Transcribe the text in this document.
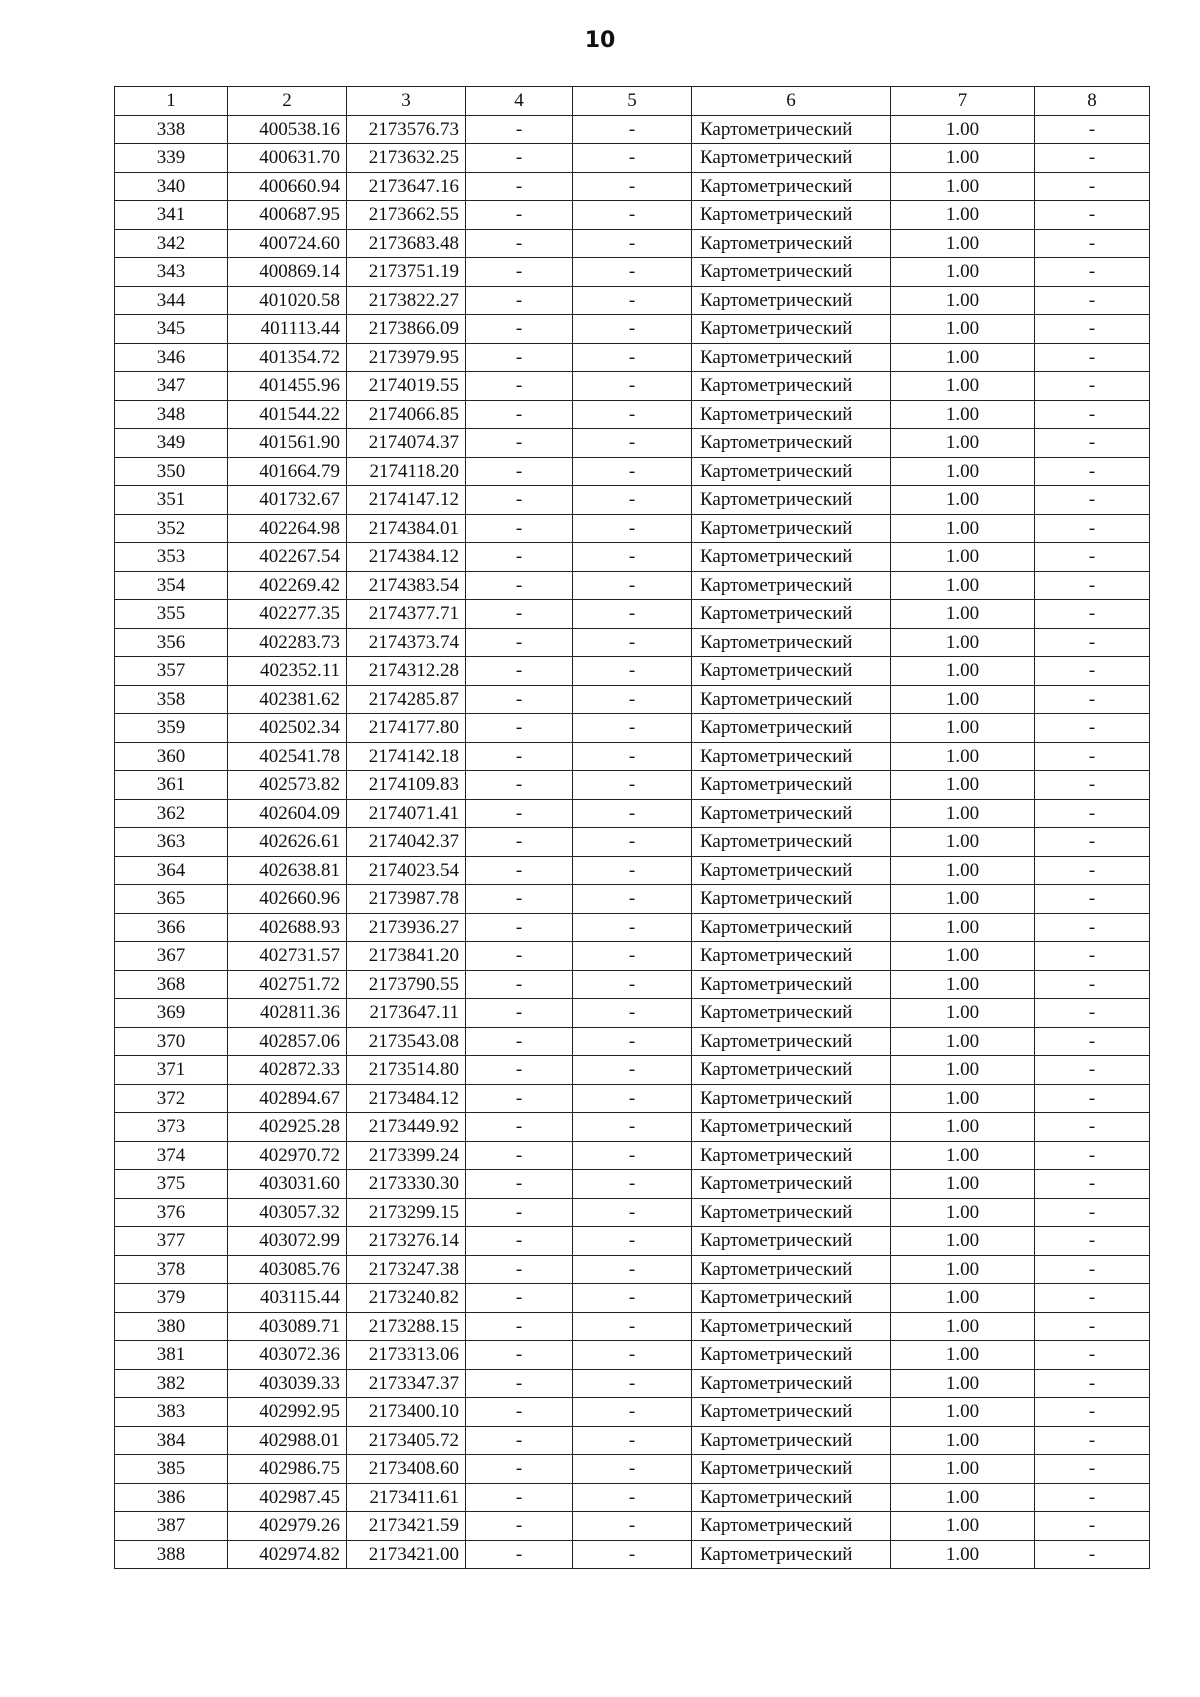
10
1	2	3	4	5	6	7	8
338	400538.16	2173576.73	-	-	Картометрический	1.00	-
339	400631.70	2173632.25	-	-	Картометрический	1.00	-
340	400660.94	2173647.16	-	-	Картометрический	1.00	-
341	400687.95	2173662.55	-	-	Картометрический	1.00	-
342	400724.60	2173683.48	-	-	Картометрический	1.00	-
343	400869.14	2173751.19	-	-	Картометрический	1.00	-
344	401020.58	2173822.27	-	-	Картометрический	1.00	-
345	401113.44	2173866.09	-	-	Картометрический	1.00	-
346	401354.72	2173979.95	-	-	Картометрический	1.00	-
347	401455.96	2174019.55	-	-	Картометрический	1.00	-
348	401544.22	2174066.85	-	-	Картометрический	1.00	-
349	401561.90	2174074.37	-	-	Картометрический	1.00	-
350	401664.79	2174118.20	-	-	Картометрический	1.00	-
351	401732.67	2174147.12	-	-	Картометрический	1.00	-
352	402264.98	2174384.01	-	-	Картометрический	1.00	-
353	402267.54	2174384.12	-	-	Картометрический	1.00	-
354	402269.42	2174383.54	-	-	Картометрический	1.00	-
355	402277.35	2174377.71	-	-	Картометрический	1.00	-
356	402283.73	2174373.74	-	-	Картометрический	1.00	-
357	402352.11	2174312.28	-	-	Картометрический	1.00	-
358	402381.62	2174285.87	-	-	Картометрический	1.00	-
359	402502.34	2174177.80	-	-	Картометрический	1.00	-
360	402541.78	2174142.18	-	-	Картометрический	1.00	-
361	402573.82	2174109.83	-	-	Картометрический	1.00	-
362	402604.09	2174071.41	-	-	Картометрический	1.00	-
363	402626.61	2174042.37	-	-	Картометрический	1.00	-
364	402638.81	2174023.54	-	-	Картометрический	1.00	-
365	402660.96	2173987.78	-	-	Картометрический	1.00	-
366	402688.93	2173936.27	-	-	Картометрический	1.00	-
367	402731.57	2173841.20	-	-	Картометрический	1.00	-
368	402751.72	2173790.55	-	-	Картометрический	1.00	-
369	402811.36	2173647.11	-	-	Картометрический	1.00	-
370	402857.06	2173543.08	-	-	Картометрический	1.00	-
371	402872.33	2173514.80	-	-	Картометрический	1.00	-
372	402894.67	2173484.12	-	-	Картометрический	1.00	-
373	402925.28	2173449.92	-	-	Картометрический	1.00	-
374	402970.72	2173399.24	-	-	Картометрический	1.00	-
375	403031.60	2173330.30	-	-	Картометрический	1.00	-
376	403057.32	2173299.15	-	-	Картометрический	1.00	-
377	403072.99	2173276.14	-	-	Картометрический	1.00	-
378	403085.76	2173247.38	-	-	Картометрический	1.00	-
379	403115.44	2173240.82	-	-	Картометрический	1.00	-
380	403089.71	2173288.15	-	-	Картометрический	1.00	-
381	403072.36	2173313.06	-	-	Картометрический	1.00	-
382	403039.33	2173347.37	-	-	Картометрический	1.00	-
383	402992.95	2173400.10	-	-	Картометрический	1.00	-
384	402988.01	2173405.72	-	-	Картометрический	1.00	-
385	402986.75	2173408.60	-	-	Картометрический	1.00	-
386	402987.45	2173411.61	-	-	Картометрический	1.00	-
387	402979.26	2173421.59	-	-	Картометрический	1.00	-
388	402974.82	2173421.00	-	-	Картометрический	1.00	-
